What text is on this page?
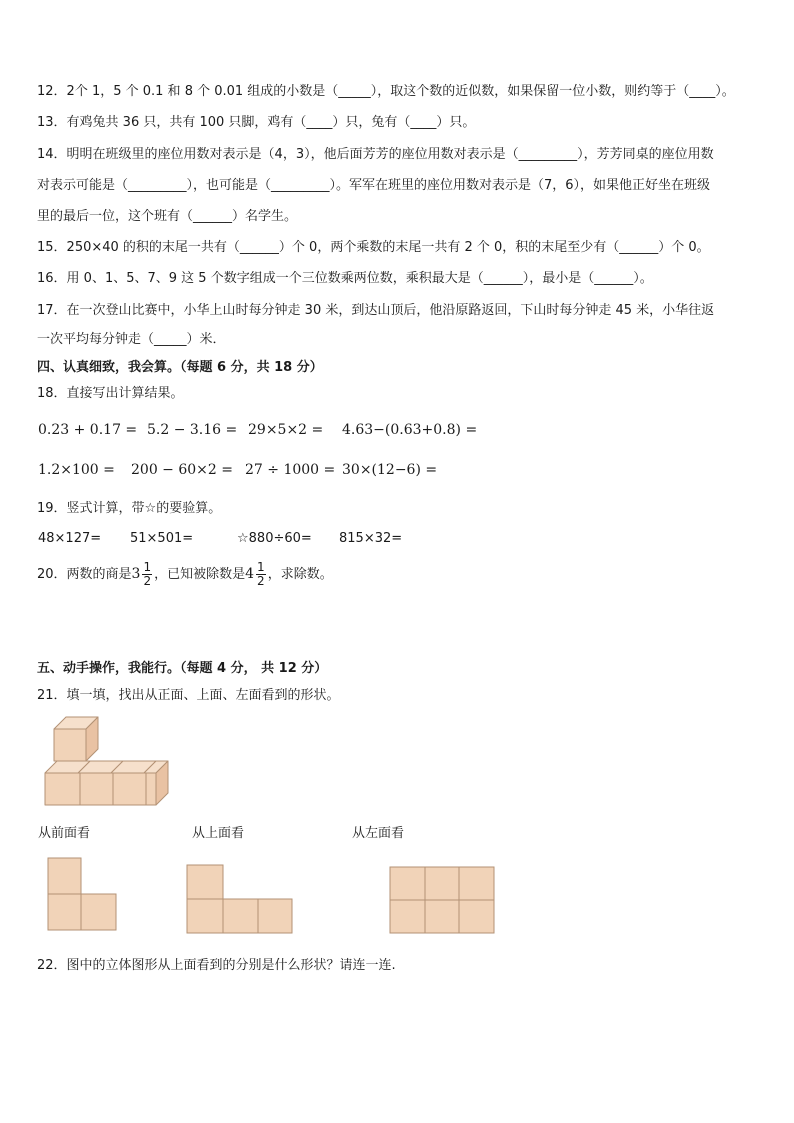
12．2个 1，5 个 0.1 和 8 个 0.01 组成的小数是（_____），取这个数的近似数，如果保留一位小数，则约等于（____）。
13．有鸡兔共 36 只，共有 100 只脚，鸡有（____）只，兔有（____）只。
14．明明在班级里的座位用数对表示是（4，3），他后面芳芳的座位用数对表示是（_________），芳芳同桌的座位用数
对表示可能是（_________），也可能是（_________）。军军在班里的座位用数对表示是（7，6），如果他正好坐在班级
里的最后一位，这个班有（______）名学生。
15．250×40 的积的末尾一共有（______）个 0，两个乘数的末尾一共有 2 个 0，积的末尾至少有（______）个 0。
16．用 0、1、5、7、9 这 5 个数字组成一个三位数乘两位数，乘积最大是（______），最小是（______）。
17．在一次登山比赛中，小华上山时每分钟走 30 米，到达山顶后，他沿原路返回，下山时每分钟走 45 米，小华往返
一次平均每分钟走（_____）米．
四、认真细致，我会算。（每题 6 分，共 18 分）
18．直接写出计算结果。
0.23 + 0.17 = 5.2 − 3.16 = 29×5×2 = 4.63−(0.63+0.8) =
1.2×100 = 200 − 60×2 = 27 ÷ 1000 = 30×(12−6) =
19．竖式计算，带☆的要验算。
48×127= 51×501=	☆880÷60= 815×32=
20．两数的商是$3 \frac{1}{2}$ ，已知被除数是$4 \frac{1}{2}$ ，求除数。
五、动手操作，我能行。（每题 4 分， 共 12 分）
21．填一填，找出从正面、上面、左面看到的形状。
从前面看	从上面看	从左面看
22．图中的立体图形从上面看到的分别是什么形状？请连一连.
